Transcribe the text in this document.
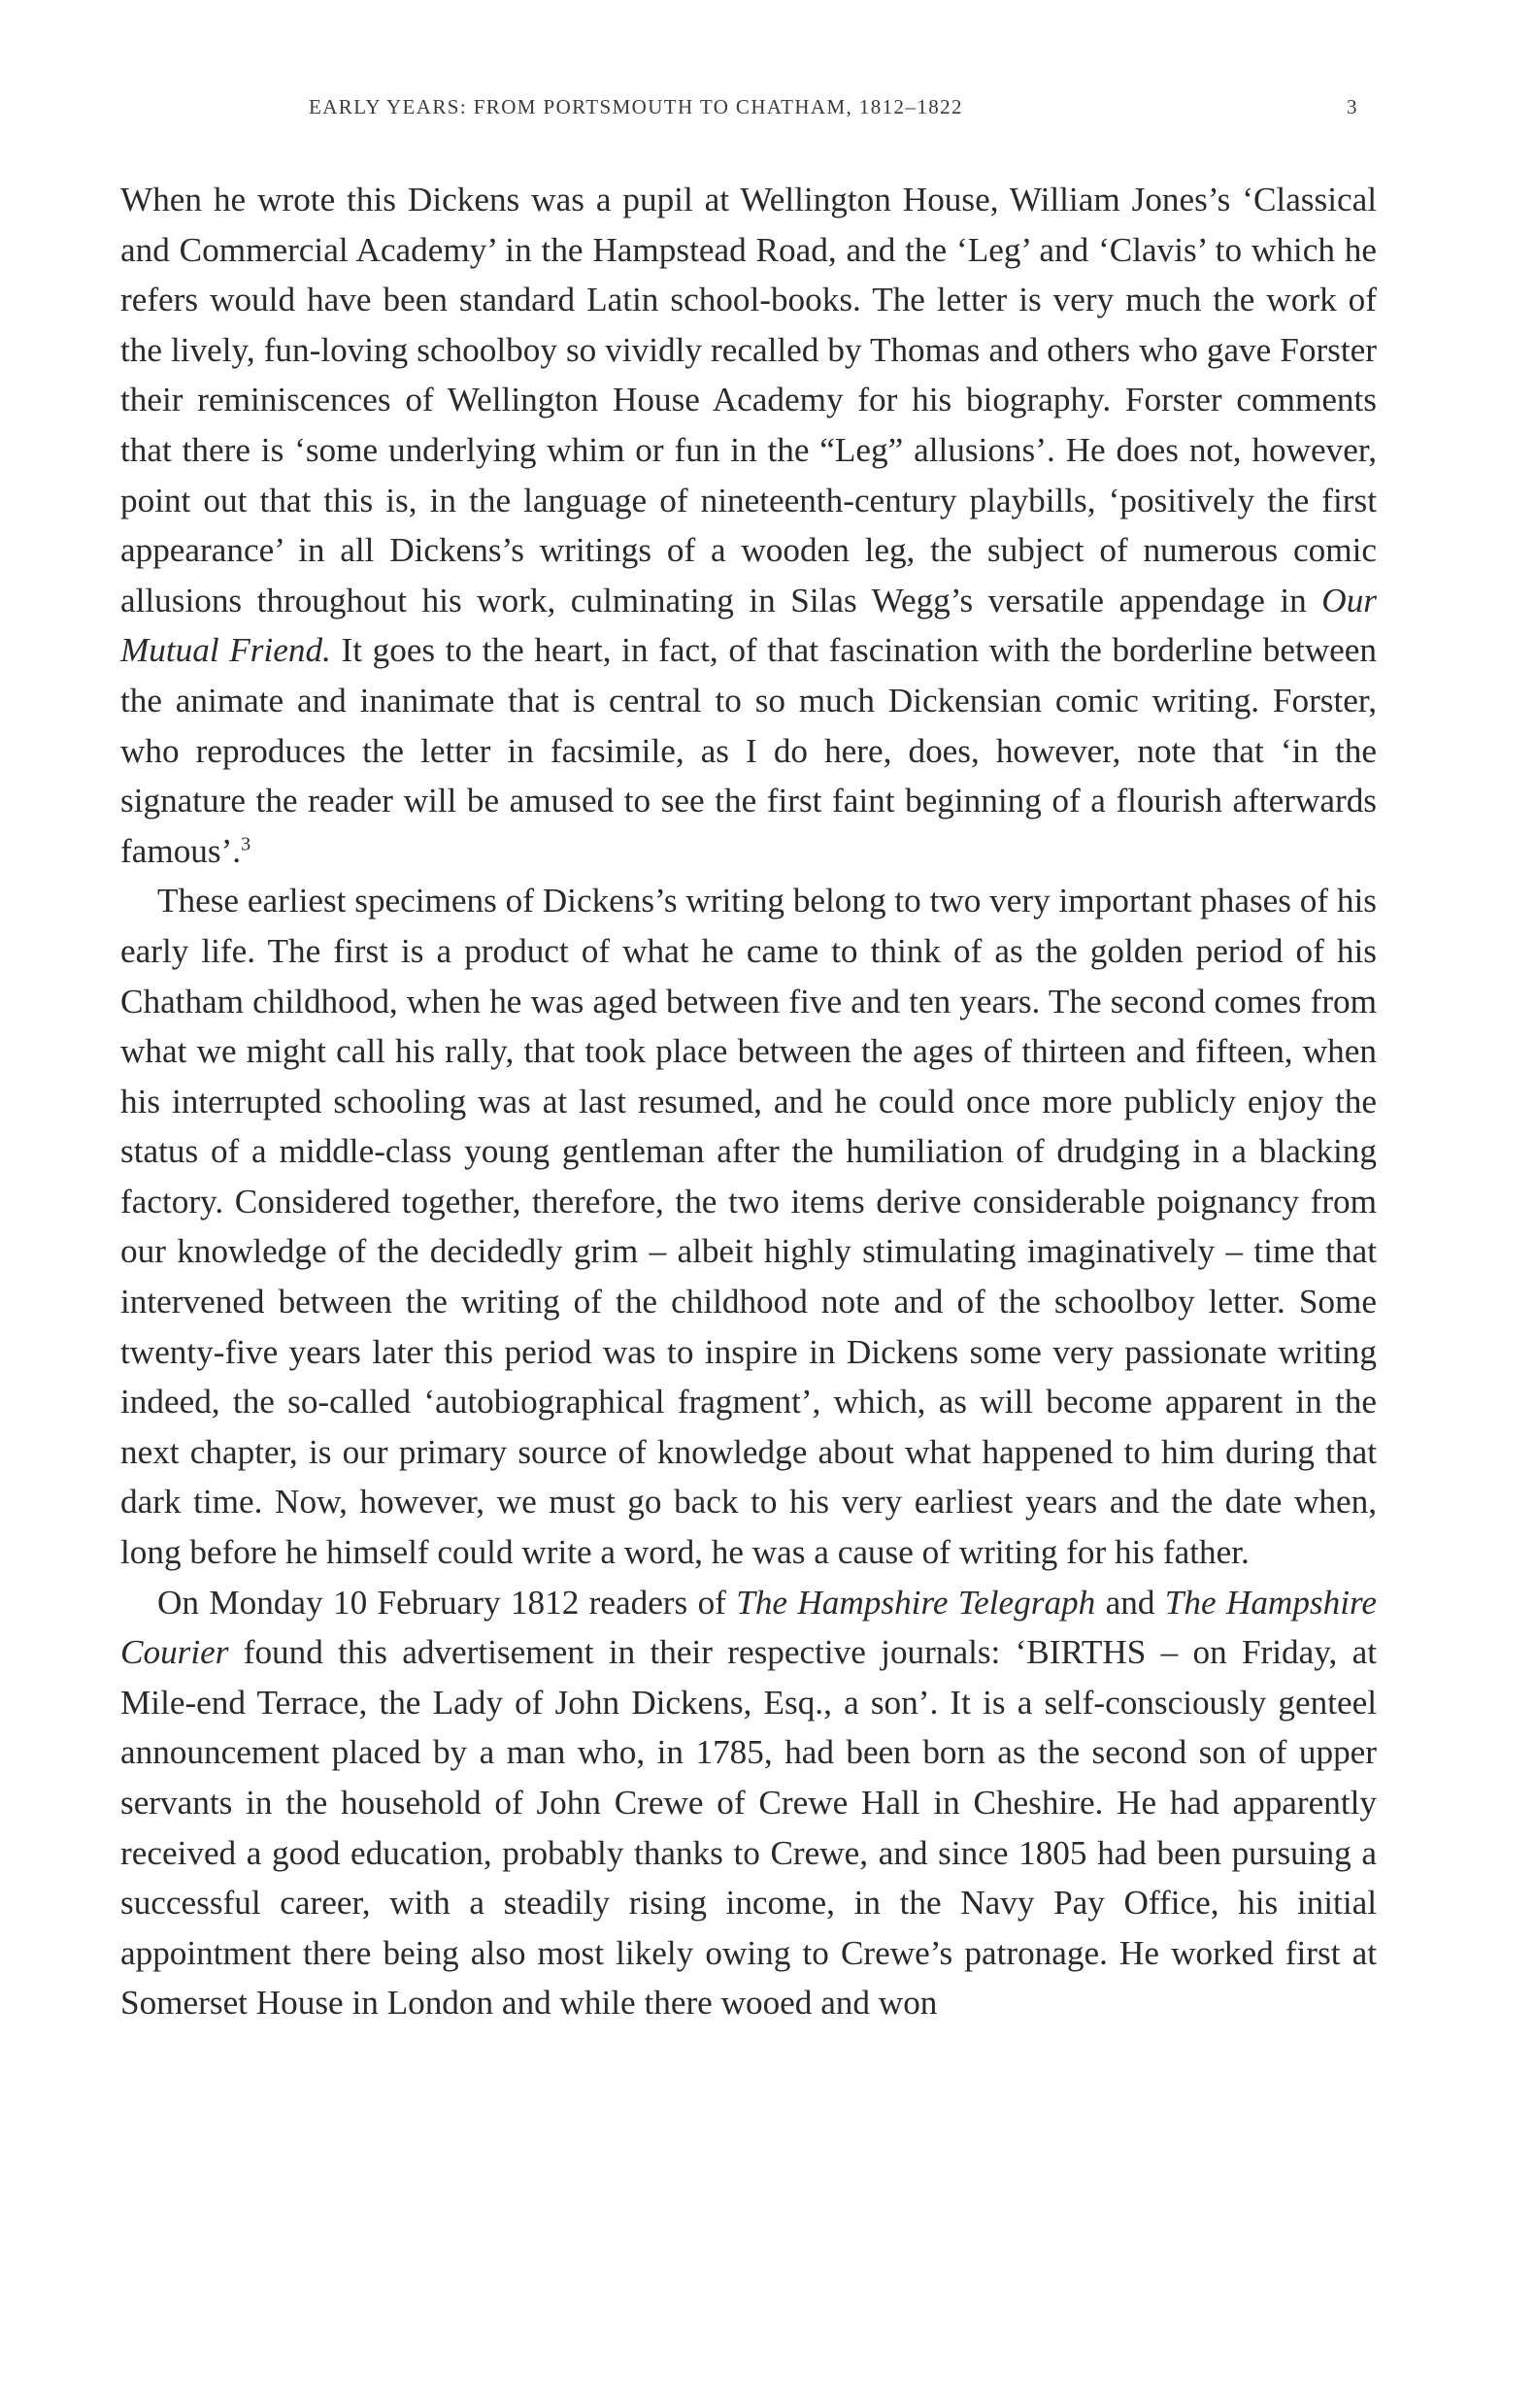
EARLY YEARS: FROM PORTSMOUTH TO CHATHAM, 1812–1822	3

When he wrote this Dickens was a pupil at Wellington House, William Jones’s ‘Classical and Commercial Academy’ in the Hampstead Road, and the ‘Leg’ and ‘Clavis’ to which he refers would have been standard Latin school-books. The letter is very much the work of the lively, fun-loving schoolboy so vividly recalled by Thomas and others who gave Forster their reminiscences of Wellington House Academy for his biography. Forster comments that there is ‘some underlying whim or fun in the “Leg” allusions’. He does not, however, point out that this is, in the language of nineteenth-century playbills, ‘positively the first appearance’ in all Dickens’s writings of a wooden leg, the subject of numerous comic allusions throughout his work, culminating in Silas Wegg’s versatile appendage in Our Mutual Friend. It goes to the heart, in fact, of that fascination with the borderline between the animate and inanimate that is central to so much Dickensian comic writing. Forster, who reproduces the letter in facsimile, as I do here, does, however, note that ‘in the signature the reader will be amused to see the first faint beginning of a flourish afterwards famous’.$^3$

These earliest specimens of Dickens’s writing belong to two very important phases of his early life. The first is a product of what he came to think of as the golden period of his Chatham childhood, when he was aged between five and ten years. The second comes from what we might call his rally, that took place between the ages of thirteen and fifteen, when his interrupted schooling was at last resumed, and he could once more publicly enjoy the status of a middle-class young gentleman after the humiliation of drudging in a blacking factory. Considered together, therefore, the two items derive considerable poignancy from our knowledge of the decidedly grim – albeit highly stimulating imaginatively – time that intervened between the writing of the childhood note and of the schoolboy letter. Some twenty-five years later this period was to inspire in Dickens some very passionate writing indeed, the so-called ‘autobiographical fragment’, which, as will become apparent in the next chapter, is our primary source of knowledge about what happened to him during that dark time. Now, however, we must go back to his very earliest years and the date when, long before he himself could write a word, he was a cause of writing for his father.

On Monday 10 February 1812 readers of The Hampshire Telegraph and The Hampshire Courier found this advertisement in their respective journals: ‘BIRTHS – on Friday, at Mile-end Terrace, the Lady of John Dickens, Esq., a son’. It is a self-consciously genteel announcement placed by a man who, in 1785, had been born as the second son of upper servants in the household of John Crewe of Crewe Hall in Cheshire. He had apparently received a good education, probably thanks to Crewe, and since 1805 had been pursuing a successful career, with a steadily rising income, in the Navy Pay Office, his initial appointment there being also most likely owing to Crewe’s patronage. He worked first at Somerset House in London and while there wooed and won
